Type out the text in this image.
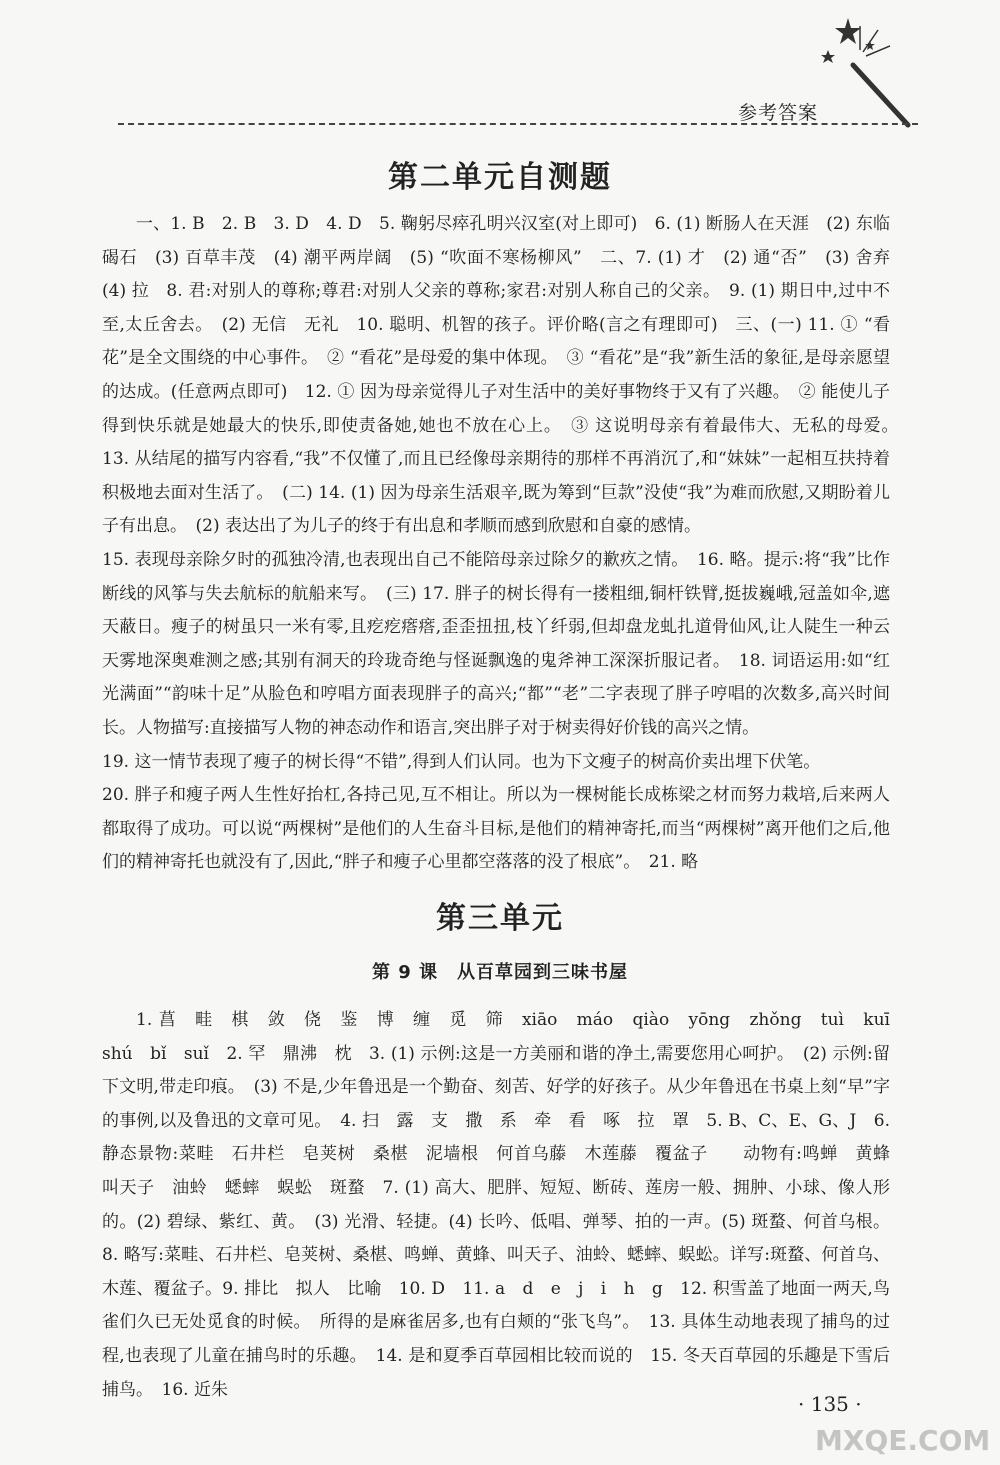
参考答案
第二单元自测题

一、1. B　2. B　3. D　4. D　5. 鞠躬尽瘁孔明兴汉室(对上即可)　6. (1) 断肠人在天涯　(2) 东临碣石　(3) 百草丰茂　(4) 潮平两岸阔　(5) “吹面不寒杨柳风”　二、7. (1) 才　(2) 通“否”　(3) 舍弃　(4) 拉　8. 君:对别人的尊称;尊君:对别人父亲的尊称;家君:对别人称自己的父亲。　9. (1) 期日中,过中不至,太丘舍去。　(2) 无信　无礼　10. 聪明、机智的孩子。评价略(言之有理即可)　三、(一) 11. ① “看花”是全文围绕的中心事件。　② “看花”是母爱的集中体现。　③ “看花”是“我”新生活的象征,是母亲愿望的达成。(任意两点即可)　12. ① 因为母亲觉得儿子对生活中的美好事物终于又有了兴趣。　② 能使儿子得到快乐就是她最大的快乐,即使责备她,她也不放在心上。　③ 这说明母亲有着最伟大、无私的母爱。　13. 从结尾的描写内容看,“我”不仅懂了,而且已经像母亲期待的那样不再消沉了,和“妹妹”一起相互扶持着积极地去面对生活了。　(二) 14. (1) 因为母亲生活艰辛,既为筹到“巨款”没使“我”为难而欣慰,又期盼着儿子有出息。　(2) 表达出了为儿子的终于有出息和孝顺而感到欣慰和自豪的感情。

15. 表现母亲除夕时的孤独冷清,也表现出自己不能陪母亲过除夕的歉疚之情。　16. 略。提示:将“我”比作断线的风筝与失去航标的航船来写。　(三) 17. 胖子的树长得有一搂粗细,铜杆铁臂,挺拔巍峨,冠盖如伞,遮天蔽日。瘦子的树虽只一米有零,且疙疙瘩瘩,歪歪扭扭,枝丫纤弱,但却盘龙虬扎道骨仙风,让人陡生一种云天雾地深奥难测之感;其别有洞天的玲珑奇绝与怪诞飘逸的鬼斧神工深深折服记者。　18. 词语运用:如“红光满面”“韵味十足”从脸色和哼唱方面表现胖子的高兴;“都”“老”二字表现了胖子哼唱的次数多,高兴时间长。人物描写:直接描写人物的神态动作和语言,突出胖子对于树卖得好价钱的高兴之情。

19. 这一情节表现了瘦子的树长得“不错”,得到人们认同。也为下文瘦子的树高价卖出埋下伏笔。

20. 胖子和瘦子两人生性好抬杠,各持己见,互不相让。所以为一棵树能长成栋梁之材而努力栽培,后来两人都取得了成功。可以说“两棵树”是他们的人生奋斗目标,是他们的精神寄托,而当“两棵树”离开他们之后,他们的精神寄托也就没有了,因此,“胖子和瘦子心里都空落落的没了根底”。　21. 略

第三单元
第 9 课　从百草园到三味书屋

1. 菖　畦　棋　敛　侥　鉴　博　缠　觅　筛　xiāo　máo　qiào　yōng　zhǒng　tuì　kuī　shú　bǐ　suǐ　2. 罕　鼎沸　枕　3. (1) 示例:这是一方美丽和谐的净土,需要您用心呵护。　(2) 示例:留下文明,带走印痕。　(3) 不是,少年鲁迅是一个勤奋、刻苦、好学的好孩子。从少年鲁迅在书桌上刻“早”字的事例,以及鲁迅的文章可见。　4. 扫　露　支　撒　系　牵　看　啄　拉　罩　5. B、C、E、G、J　6. 静态景物:菜畦　石井栏　皂荚树　桑椹　泥墙根　何首乌藤　木莲藤　覆盆子　　动物有:鸣蝉　黄蜂　叫天子　油蛉　蟋蟀　蜈蚣　斑蝥　7. (1) 高大、肥胖、短短、断砖、莲房一般、拥肿、小球、像人形的。(2) 碧绿、紫红、黄。　(3) 光滑、轻捷。(4) 长吟、低唱、弹琴、拍的一声。(5) 斑蝥、何首乌根。8. 略写:菜畦、石井栏、皂荚树、桑椹、鸣蝉、黄蜂、叫天子、油蛉、蟋蟀、蜈蚣。详写:斑蝥、何首乌、木莲、覆盆子。9. 排比　拟人　比喻　10. D　11. a　d　e　j　i　h　g　12. 积雪盖了地面一两天,鸟雀们久已无处觅食的时候。　所得的是麻雀居多,也有白颊的“张飞鸟”。　13. 具体生动地表现了捕鸟的过程,也表现了儿童在捕鸟时的乐趣。　14. 是和夏季百草园相比较而说的　15. 冬天百草园的乐趣是下雪后捕鸟。　16. 近朱

· 135 ·
MXQE.COM
